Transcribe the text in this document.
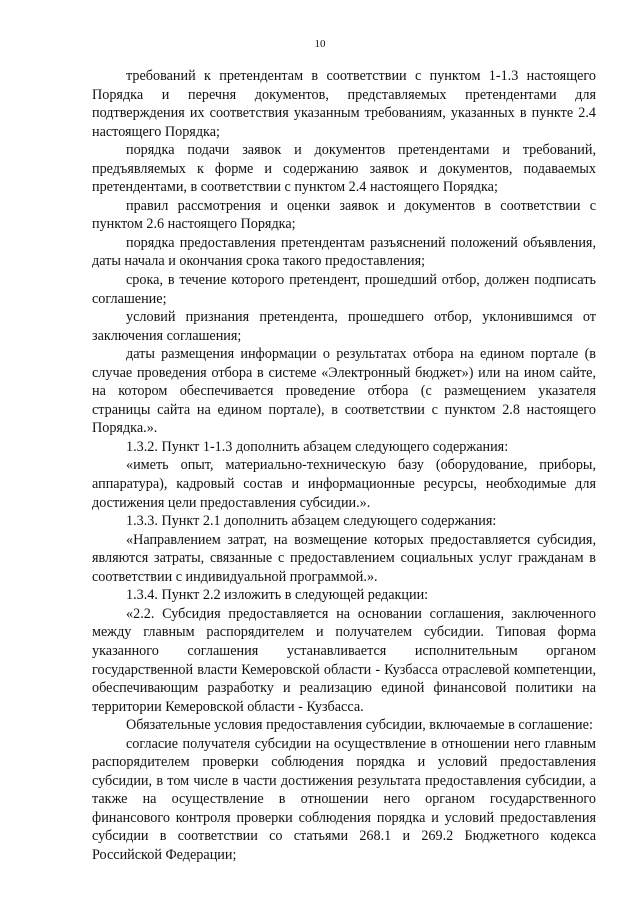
10

требований к претендентам в соответствии с пунктом 1-1.3 настоящего Порядка и перечня документов, представляемых претендентами для подтверждения их соответствия указанным требованиям, указанных в пункте 2.4 настоящего Порядка;

порядка подачи заявок и документов претендентами и требований, предъявляемых к форме и содержанию заявок и документов, подаваемых претендентами, в соответствии с пунктом 2.4 настоящего Порядка;

правил рассмотрения и оценки заявок и документов в соответствии с пунктом 2.6 настоящего Порядка;

порядка предоставления претендентам разъяснений положений объявления, даты начала и окончания срока такого предоставления;

срока, в течение которого претендент, прошедший отбор, должен подписать соглашение;

условий признания претендента, прошедшего отбор, уклонившимся от заключения соглашения;

даты размещения информации о результатах отбора на едином портале (в случае проведения отбора в системе «Электронный бюджет») или на ином сайте, на котором обеспечивается проведение отбора (с размещением указателя страницы сайта на едином портале), в соответствии с пунктом 2.8 настоящего Порядка.».

1.3.2. Пункт 1-1.3 дополнить абзацем следующего содержания:

«иметь опыт, материально-техническую базу (оборудование, приборы, аппаратура), кадровый состав и информационные ресурсы, необходимые для достижения цели предоставления субсидии.».

1.3.3. Пункт 2.1 дополнить абзацем следующего содержания:

«Направлением затрат, на возмещение которых предоставляется субсидия, являются затраты, связанные с предоставлением социальных услуг гражданам в соответствии с индивидуальной программой.».

1.3.4. Пункт 2.2 изложить в следующей редакции:

«2.2. Субсидия предоставляется на основании соглашения, заключенного между главным распорядителем и получателем субсидии. Типовая форма указанного соглашения устанавливается исполнительным органом государственной власти Кемеровской области - Кузбасса отраслевой компетенции, обеспечивающим разработку и реализацию единой финансовой политики на территории Кемеровской области - Кузбасса.

Обязательные условия предоставления субсидии, включаемые в соглашение:

согласие получателя субсидии на осуществление в отношении него главным распорядителем проверки соблюдения порядка и условий предоставления субсидии, в том числе в части достижения результата предоставления субсидии, а также на осуществление в отношении него органом государственного финансового контроля проверки соблюдения порядка и условий предоставления субсидии в соответствии со статьями 268.1 и 269.2 Бюджетного кодекса Российской Федерации;
